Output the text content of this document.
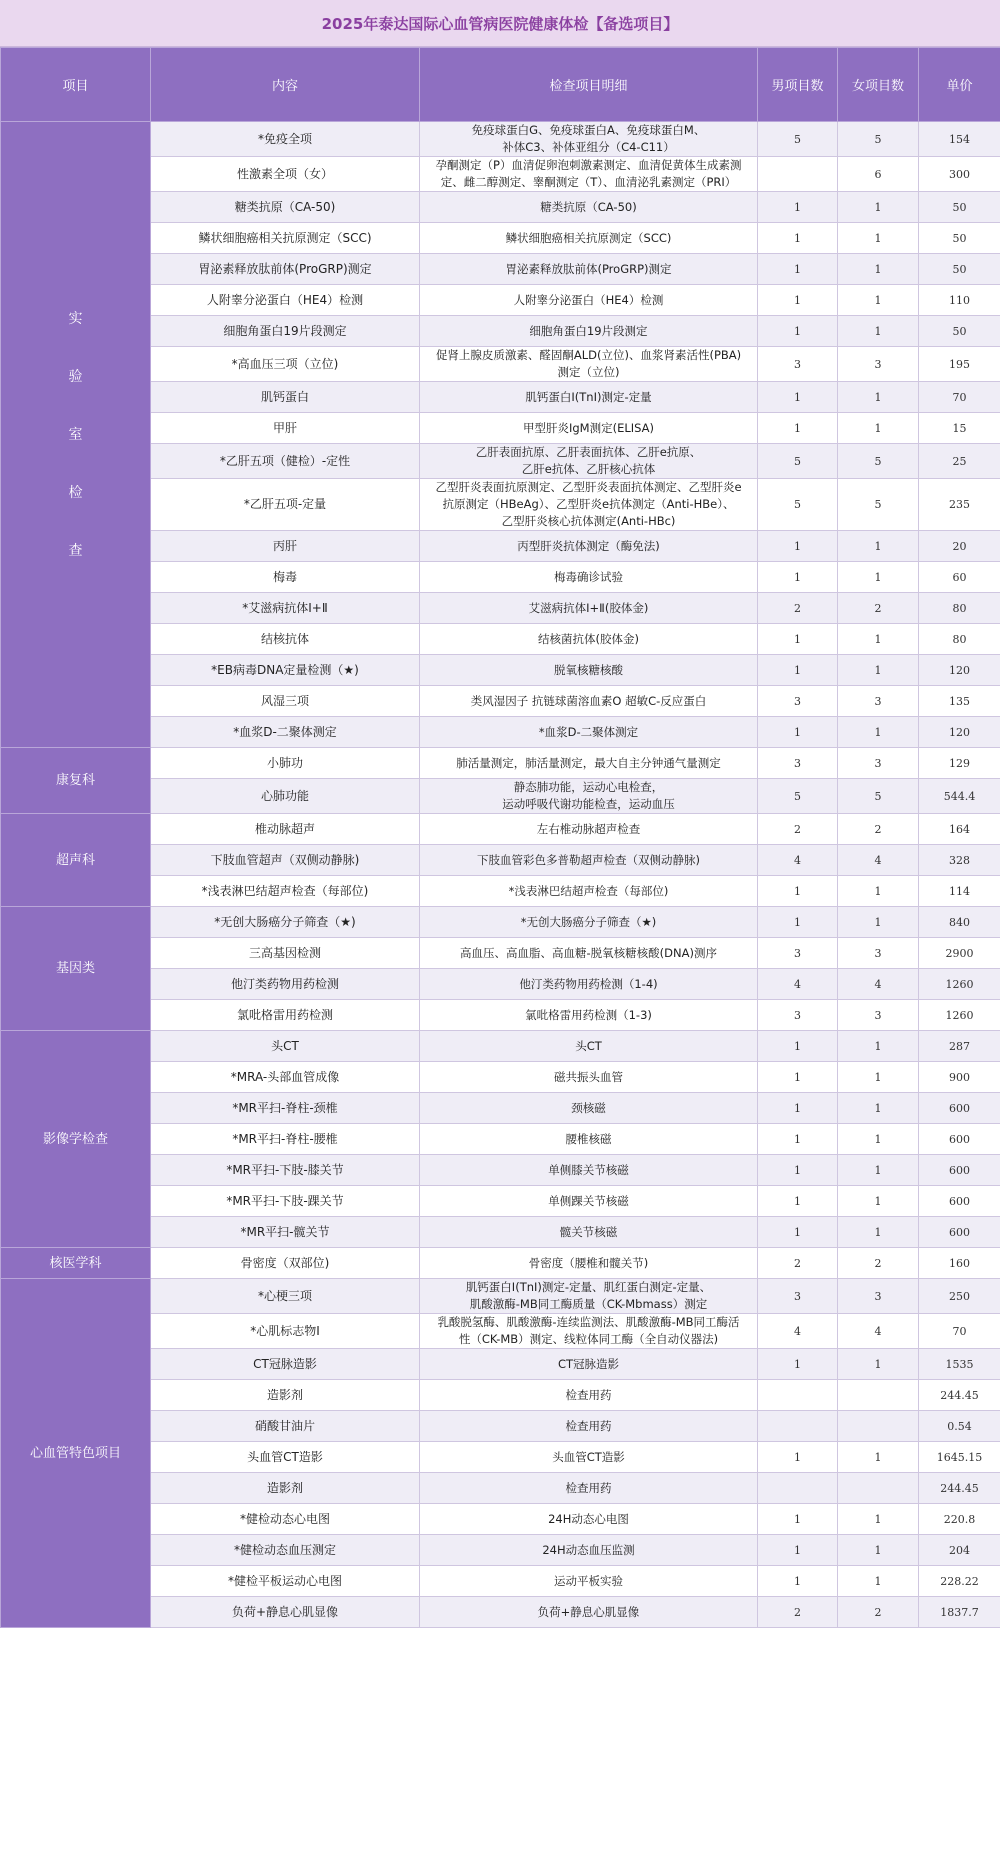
2025年泰达国际心血管病医院健康体检【备选项目】
项目	内容	检查项目明细	男项目数	女项目数	单价
实
验
室
检
查	*免疫全项	免疫球蛋白G、免疫球蛋白A、免疫球蛋白M、
补体C3、补体亚组分（C4-C11）	5	5	154
	性激素全项（女）	孕酮测定（P）血清促卵泡刺激素测定、血清促黄体生成素测
定、雌二醇测定、睾酮测定（T）、血清泌乳素测定（PRI）		6	300
	糖类抗原（CA-50)	糖类抗原（CA-50)	1	1	50
	鳞状细胞癌相关抗原测定（SCC)	鳞状细胞癌相关抗原测定（SCC)	1	1	50
	胃泌素释放肽前体(ProGRP)测定	胃泌素释放肽前体(ProGRP)测定	1	1	50
	人附睾分泌蛋白（HE4）检测	人附睾分泌蛋白（HE4）检测	1	1	110
	细胞角蛋白19片段测定	细胞角蛋白19片段测定	1	1	50
	*高血压三项（立位)	促肾上腺皮质激素、醛固酮ALD(立位)、血浆肾素活性(PBA)
测定（立位)	3	3	195
	肌钙蛋白	肌钙蛋白I(TnI)测定-定量	1	1	70
	甲肝	甲型肝炎IgM测定(ELISA)	1	1	15
	*乙肝五项（健检）-定性	乙肝表面抗原、乙肝表面抗体、乙肝e抗原、
乙肝e抗体、乙肝核心抗体	5	5	25
	*乙肝五项-定量	乙型肝炎表面抗原测定、乙型肝炎表面抗体测定、乙型肝炎e
抗原测定（HBeAg）、乙型肝炎e抗体测定（Anti-HBe）、
乙型肝炎核心抗体测定(Anti-HBc)	5	5	235
	丙肝	丙型肝炎抗体测定（酶免法)	1	1	20
	梅毒	梅毒确诊试验	1	1	60
	*艾滋病抗体Ⅰ+Ⅱ	艾滋病抗体Ⅰ+Ⅱ(胶体金)	2	2	80
	结核抗体	结核菌抗体(胶体金)	1	1	80
	*EB病毒DNA定量检测（★)	脱氧核糖核酸	1	1	120
	风湿三项	类风湿因子 抗链球菌溶血素O 超敏C-反应蛋白	3	3	135
	*血浆D-二聚体测定	*血浆D-二聚体测定	1	1	120
康复科	小肺功	肺活量测定，肺活量测定，最大自主分钟通气量测定	3	3	129
	心肺功能	静态肺功能，运动心电检查，
运动呼吸代谢功能检查，运动血压	5	5	544.4
超声科	椎动脉超声	左右椎动脉超声检查	2	2	164
	下肢血管超声（双侧动静脉)	下肢血管彩色多普勒超声检查（双侧动静脉)	4	4	328
	*浅表淋巴结超声检查（每部位)	*浅表淋巴结超声检查（每部位)	1	1	114
基因类	*无创大肠癌分子筛查（★)	*无创大肠癌分子筛查（★)	1	1	840
	三高基因检测	高血压、高血脂、高血糖-脱氧核糖核酸(DNA)测序	3	3	2900
	他汀类药物用药检测	他汀类药物用药检测（1-4)	4	4	1260
	氯吡格雷用药检测	氯吡格雷用药检测（1-3)	3	3	1260
影像学检查	头CT	头CT	1	1	287
	*MRA-头部血管成像	磁共振头血管	1	1	900
	*MR平扫-脊柱-颈椎	颈核磁	1	1	600
	*MR平扫-脊柱-腰椎	腰椎核磁	1	1	600
	*MR平扫-下肢-膝关节	单侧膝关节核磁	1	1	600
	*MR平扫-下肢-踝关节	单侧踝关节核磁	1	1	600
	*MR平扫-髋关节	髋关节核磁	1	1	600
核医学科	骨密度（双部位)	骨密度（腰椎和髋关节)	2	2	160
心血管特色项目	*心梗三项	肌钙蛋白I(TnI)测定-定量、肌红蛋白测定-定量、
肌酸激酶-MB同工酶质量（CK-Mbmass）测定	3	3	250
	*心肌标志物I	乳酸脱氢酶、肌酸激酶-连续监测法、肌酸激酶-MB同工酶活
性（CK-MB）测定、线粒体同工酶（全自动仪器法)	4	4	70
	CT冠脉造影	CT冠脉造影	1	1	1535
	造影剂	检查用药			244.45
	硝酸甘油片	检查用药			0.54
	头血管CT造影	头血管CT造影	1	1	1645.15
	造影剂	检查用药			244.45
	*健检动态心电图	24H动态心电图	1	1	220.8
	*健检动态血压测定	24H动态血压监测	1	1	204
	*健检平板运动心电图	运动平板实验	1	1	228.22
	负荷+静息心肌显像	负荷+静息心肌显像	2	2	1837.7
